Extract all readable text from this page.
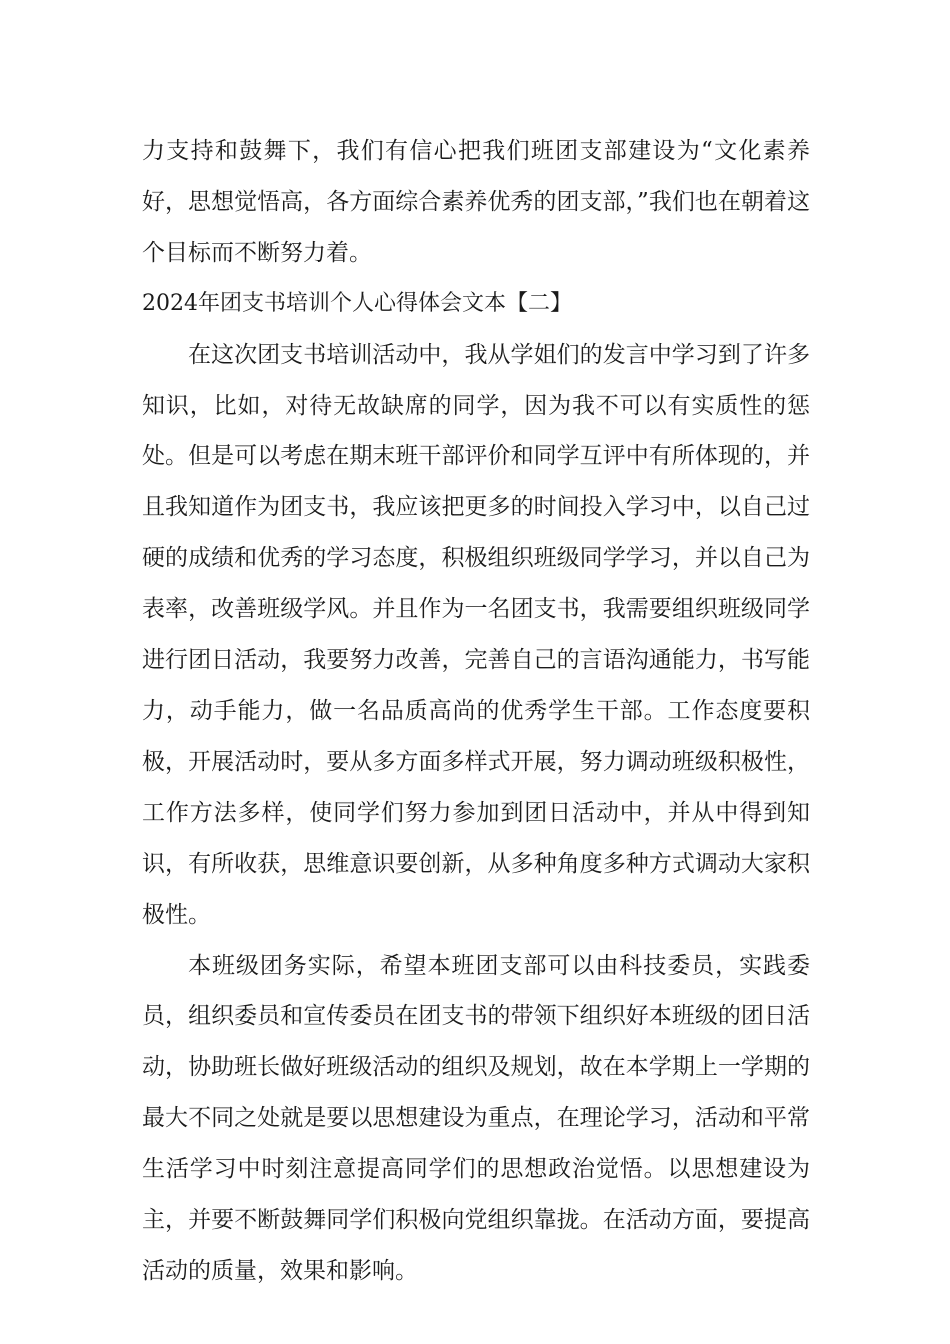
力支持和鼓舞下，我们有信心把我们班团支部建设为“文化素养好，思想觉悟高，各方面综合素养优秀的团支部，”我们也在朝着这个目标而不断努力着。

2024年团支书培训个人心得体会文本【二】

在这次团支书培训活动中，我从学姐们的发言中学习到了许多知识，比如，对待无故缺席的同学，因为我不可以有实质性的惩处。但是可以考虑在期末班干部评价和同学互评中有所体现的，并且我知道作为团支书，我应该把更多的时间投入学习中，以自己过硬的成绩和优秀的学习态度，积极组织班级同学学习，并以自己为表率，改善班级学风。并且作为一名团支书，我需要组织班级同学进行团日活动，我要努力改善，完善自己的言语沟通能力，书写能力，动手能力，做一名品质高尚的优秀学生干部。工作态度要积极，开展活动时，要从多方面多样式开展，努力调动班级积极性，工作方法多样，使同学们努力参加到团日活动中，并从中得到知识，有所收获，思维意识要创新，从多种角度多种方式调动大家积极性。

本班级团务实际，希望本班团支部可以由科技委员，实践委员，组织委员和宣传委员在团支书的带领下组织好本班级的团日活动，协助班长做好班级活动的组织及规划，故在本学期上一学期的最大不同之处就是要以思想建设为重点，在理论学习，活动和平常生活学习中时刻注意提高同学们的思想政治觉悟。以思想建设为主，并要不断鼓舞同学们积极向党组织靠拢。在活动方面，要提高活动的质量，效果和影响。
